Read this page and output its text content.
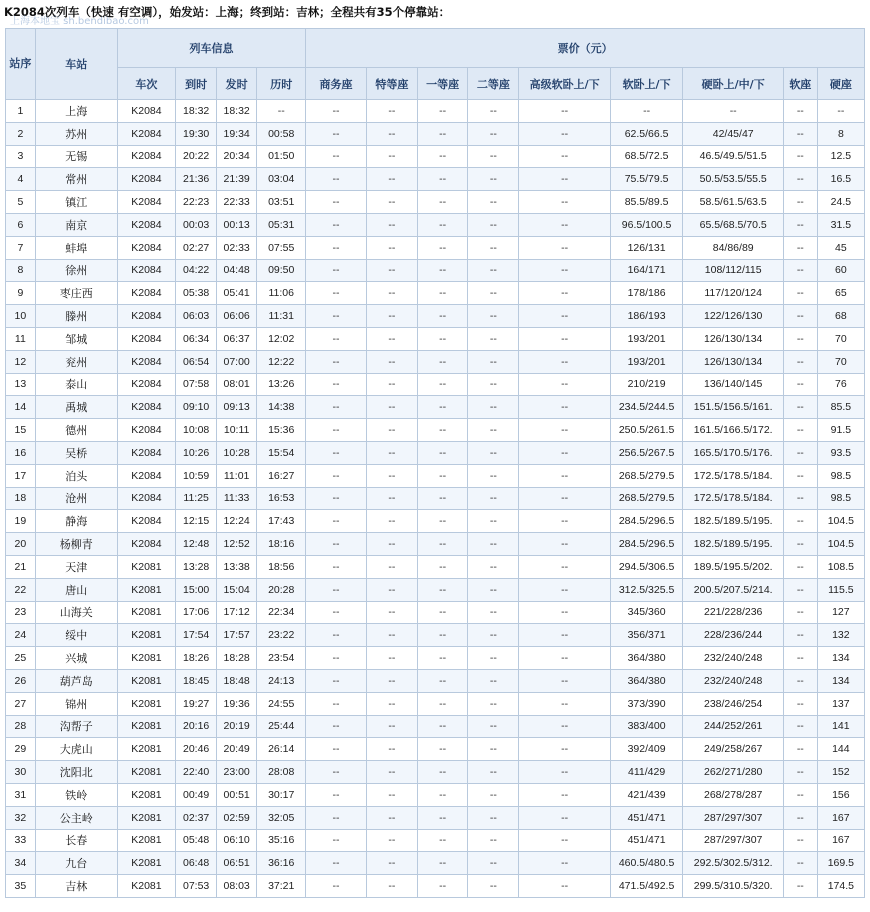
K2084次列车（快速 有空调），始发站：上海；终到站：吉林；全程共有35个停靠站：
上海本地宝 sh.bendibao.com
站序	车站	列车信息				票价（元）								
		车次	到时	发时	历时	商务座	特等座	一等座	二等座	高级软卧上/下	软卧上/下	硬卧上/中/下	软座	硬座
1	上海	K2084	18:32	18:32	--	--	--	--	--	--	--	--	--	--
2	苏州	K2084	19:30	19:34	00:58	--	--	--	--	--	62.5/66.5	42/45/47	--	8
3	无锡	K2084	20:22	20:34	01:50	--	--	--	--	--	68.5/72.5	46.5/49.5/51.5	--	12.5
4	常州	K2084	21:36	21:39	03:04	--	--	--	--	--	75.5/79.5	50.5/53.5/55.5	--	16.5
5	镇江	K2084	22:23	22:33	03:51	--	--	--	--	--	85.5/89.5	58.5/61.5/63.5	--	24.5
6	南京	K2084	00:03	00:13	05:31	--	--	--	--	--	96.5/100.5	65.5/68.5/70.5	--	31.5
7	蚌埠	K2084	02:27	02:33	07:55	--	--	--	--	--	126/131	84/86/89	--	45
8	徐州	K2084	04:22	04:48	09:50	--	--	--	--	--	164/171	108/112/115	--	60
9	枣庄西	K2084	05:38	05:41	11:06	--	--	--	--	--	178/186	117/120/124	--	65
10	滕州	K2084	06:03	06:06	11:31	--	--	--	--	--	186/193	122/126/130	--	68
11	邹城	K2084	06:34	06:37	12:02	--	--	--	--	--	193/201	126/130/134	--	70
12	兖州	K2084	06:54	07:00	12:22	--	--	--	--	--	193/201	126/130/134	--	70
13	泰山	K2084	07:58	08:01	13:26	--	--	--	--	--	210/219	136/140/145	--	76
14	禹城	K2084	09:10	09:13	14:38	--	--	--	--	--	234.5/244.5	151.5/156.5/161.	--	85.5
15	德州	K2084	10:08	10:11	15:36	--	--	--	--	--	250.5/261.5	161.5/166.5/172.	--	91.5
16	吴桥	K2084	10:26	10:28	15:54	--	--	--	--	--	256.5/267.5	165.5/170.5/176.	--	93.5
17	泊头	K2084	10:59	11:01	16:27	--	--	--	--	--	268.5/279.5	172.5/178.5/184.	--	98.5
18	沧州	K2084	11:25	11:33	16:53	--	--	--	--	--	268.5/279.5	172.5/178.5/184.	--	98.5
19	静海	K2084	12:15	12:24	17:43	--	--	--	--	--	284.5/296.5	182.5/189.5/195.	--	104.5
20	杨柳青	K2084	12:48	12:52	18:16	--	--	--	--	--	284.5/296.5	182.5/189.5/195.	--	104.5
21	天津	K2081	13:28	13:38	18:56	--	--	--	--	--	294.5/306.5	189.5/195.5/202.	--	108.5
22	唐山	K2081	15:00	15:04	20:28	--	--	--	--	--	312.5/325.5	200.5/207.5/214.	--	115.5
23	山海关	K2081	17:06	17:12	22:34	--	--	--	--	--	345/360	221/228/236	--	127
24	绥中	K2081	17:54	17:57	23:22	--	--	--	--	--	356/371	228/236/244	--	132
25	兴城	K2081	18:26	18:28	23:54	--	--	--	--	--	364/380	232/240/248	--	134
26	葫芦岛	K2081	18:45	18:48	24:13	--	--	--	--	--	364/380	232/240/248	--	134
27	锦州	K2081	19:27	19:36	24:55	--	--	--	--	--	373/390	238/246/254	--	137
28	沟帮子	K2081	20:16	20:19	25:44	--	--	--	--	--	383/400	244/252/261	--	141
29	大虎山	K2081	20:46	20:49	26:14	--	--	--	--	--	392/409	249/258/267	--	144
30	沈阳北	K2081	22:40	23:00	28:08	--	--	--	--	--	411/429	262/271/280	--	152
31	铁岭	K2081	00:49	00:51	30:17	--	--	--	--	--	421/439	268/278/287	--	156
32	公主岭	K2081	02:37	02:59	32:05	--	--	--	--	--	451/471	287/297/307	--	167
33	长春	K2081	05:48	06:10	35:16	--	--	--	--	--	451/471	287/297/307	--	167
34	九台	K2081	06:48	06:51	36:16	--	--	--	--	--	460.5/480.5	292.5/302.5/312.	--	169.5
35	吉林	K2081	07:53	08:03	37:21	--	--	--	--	--	471.5/492.5	299.5/310.5/320.	--	174.5
